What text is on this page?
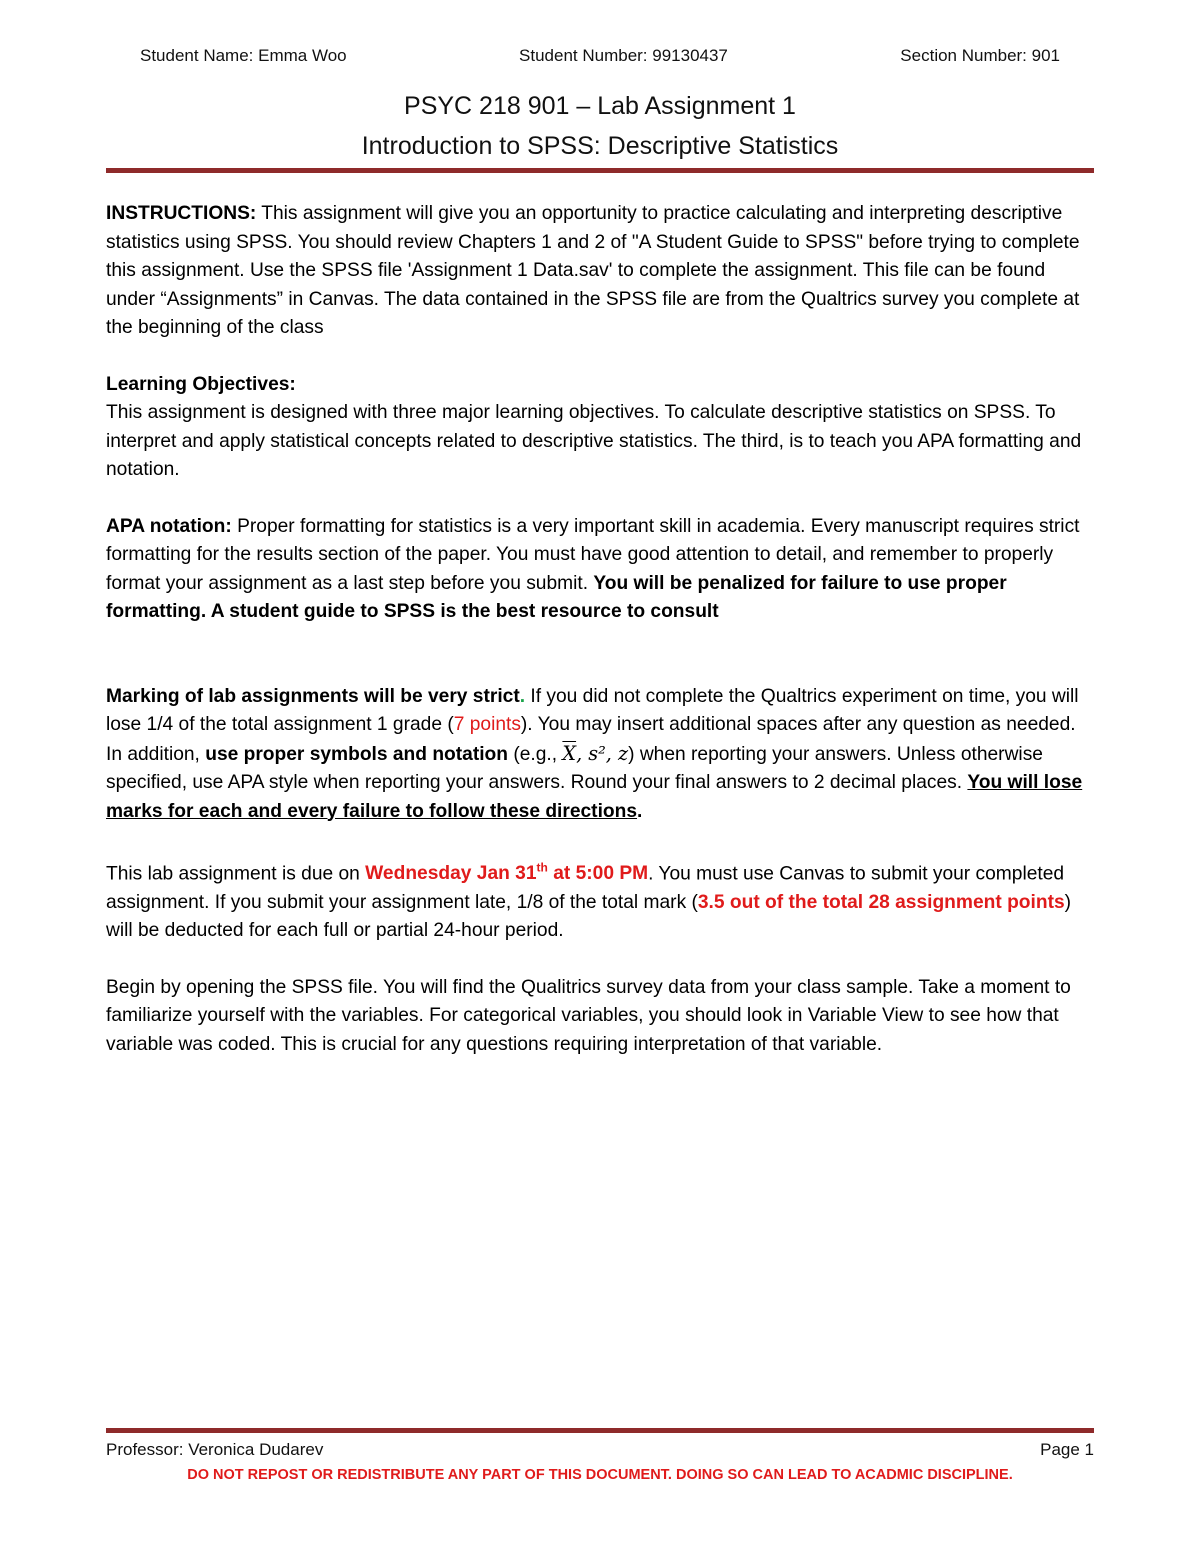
Student Name: Emma Woo	Student Number: 99130437	Section Number: 901
PSYC 218 901 – Lab Assignment 1
Introduction to SPSS: Descriptive Statistics

INSTRUCTIONS: This assignment will give you an opportunity to practice calculating and interpreting descriptive statistics using SPSS. You should review Chapters 1 and 2 of "A Student Guide to SPSS" before trying to complete this assignment. Use the SPSS file 'Assignment 1 Data.sav' to complete the assignment. This file can be found under “Assignments” in Canvas. The data contained in the SPSS file are from the Qualtrics survey you complete at the beginning of the class

Learning Objectives:

This assignment is designed with three major learning objectives. To calculate descriptive statistics on SPSS. To interpret and apply statistical concepts related to descriptive statistics. The third, is to teach you APA formatting and notation.

APA notation: Proper formatting for statistics is a very important skill in academia. Every manuscript requires strict formatting for the results section of the paper. You must have good attention to detail, and remember to properly format your assignment as a last step before you submit. You will be penalized for failure to use proper formatting. A student guide to SPSS is the best resource to consult

Marking of lab assignments will be very strict. If you did not complete the Qualtrics experiment on time, you will lose 1/4 of the total assignment 1 grade (7 points). You may insert additional spaces after any question as needed. In addition, use proper symbols and notation (e.g., $\overline{X}$, s², z) when reporting your answers. Unless otherwise specified, use APA style when reporting your answers. Round your final answers to 2 decimal places. You will lose marks for each and every failure to follow these directions.

This lab assignment is due on Wednesday Jan 31th at 5:00 PM. You must use Canvas to submit your completed assignment. If you submit your assignment late, 1/8 of the total mark (3.5 out of the total 28 assignment points) will be deducted for each full or partial 24-hour period.

Begin by opening the SPSS file. You will find the Qualitrics survey data from your class sample. Take a moment to familiarize yourself with the variables. For categorical variables, you should look in Variable View to see how that variable was coded. This is crucial for any questions requiring interpretation of that variable.

Professor: Veronica Dudarev	Page 1
DO NOT REPOST OR REDISTRIBUTE ANY PART OF THIS DOCUMENT. DOING SO CAN LEAD TO ACADMIC DISCIPLINE.
